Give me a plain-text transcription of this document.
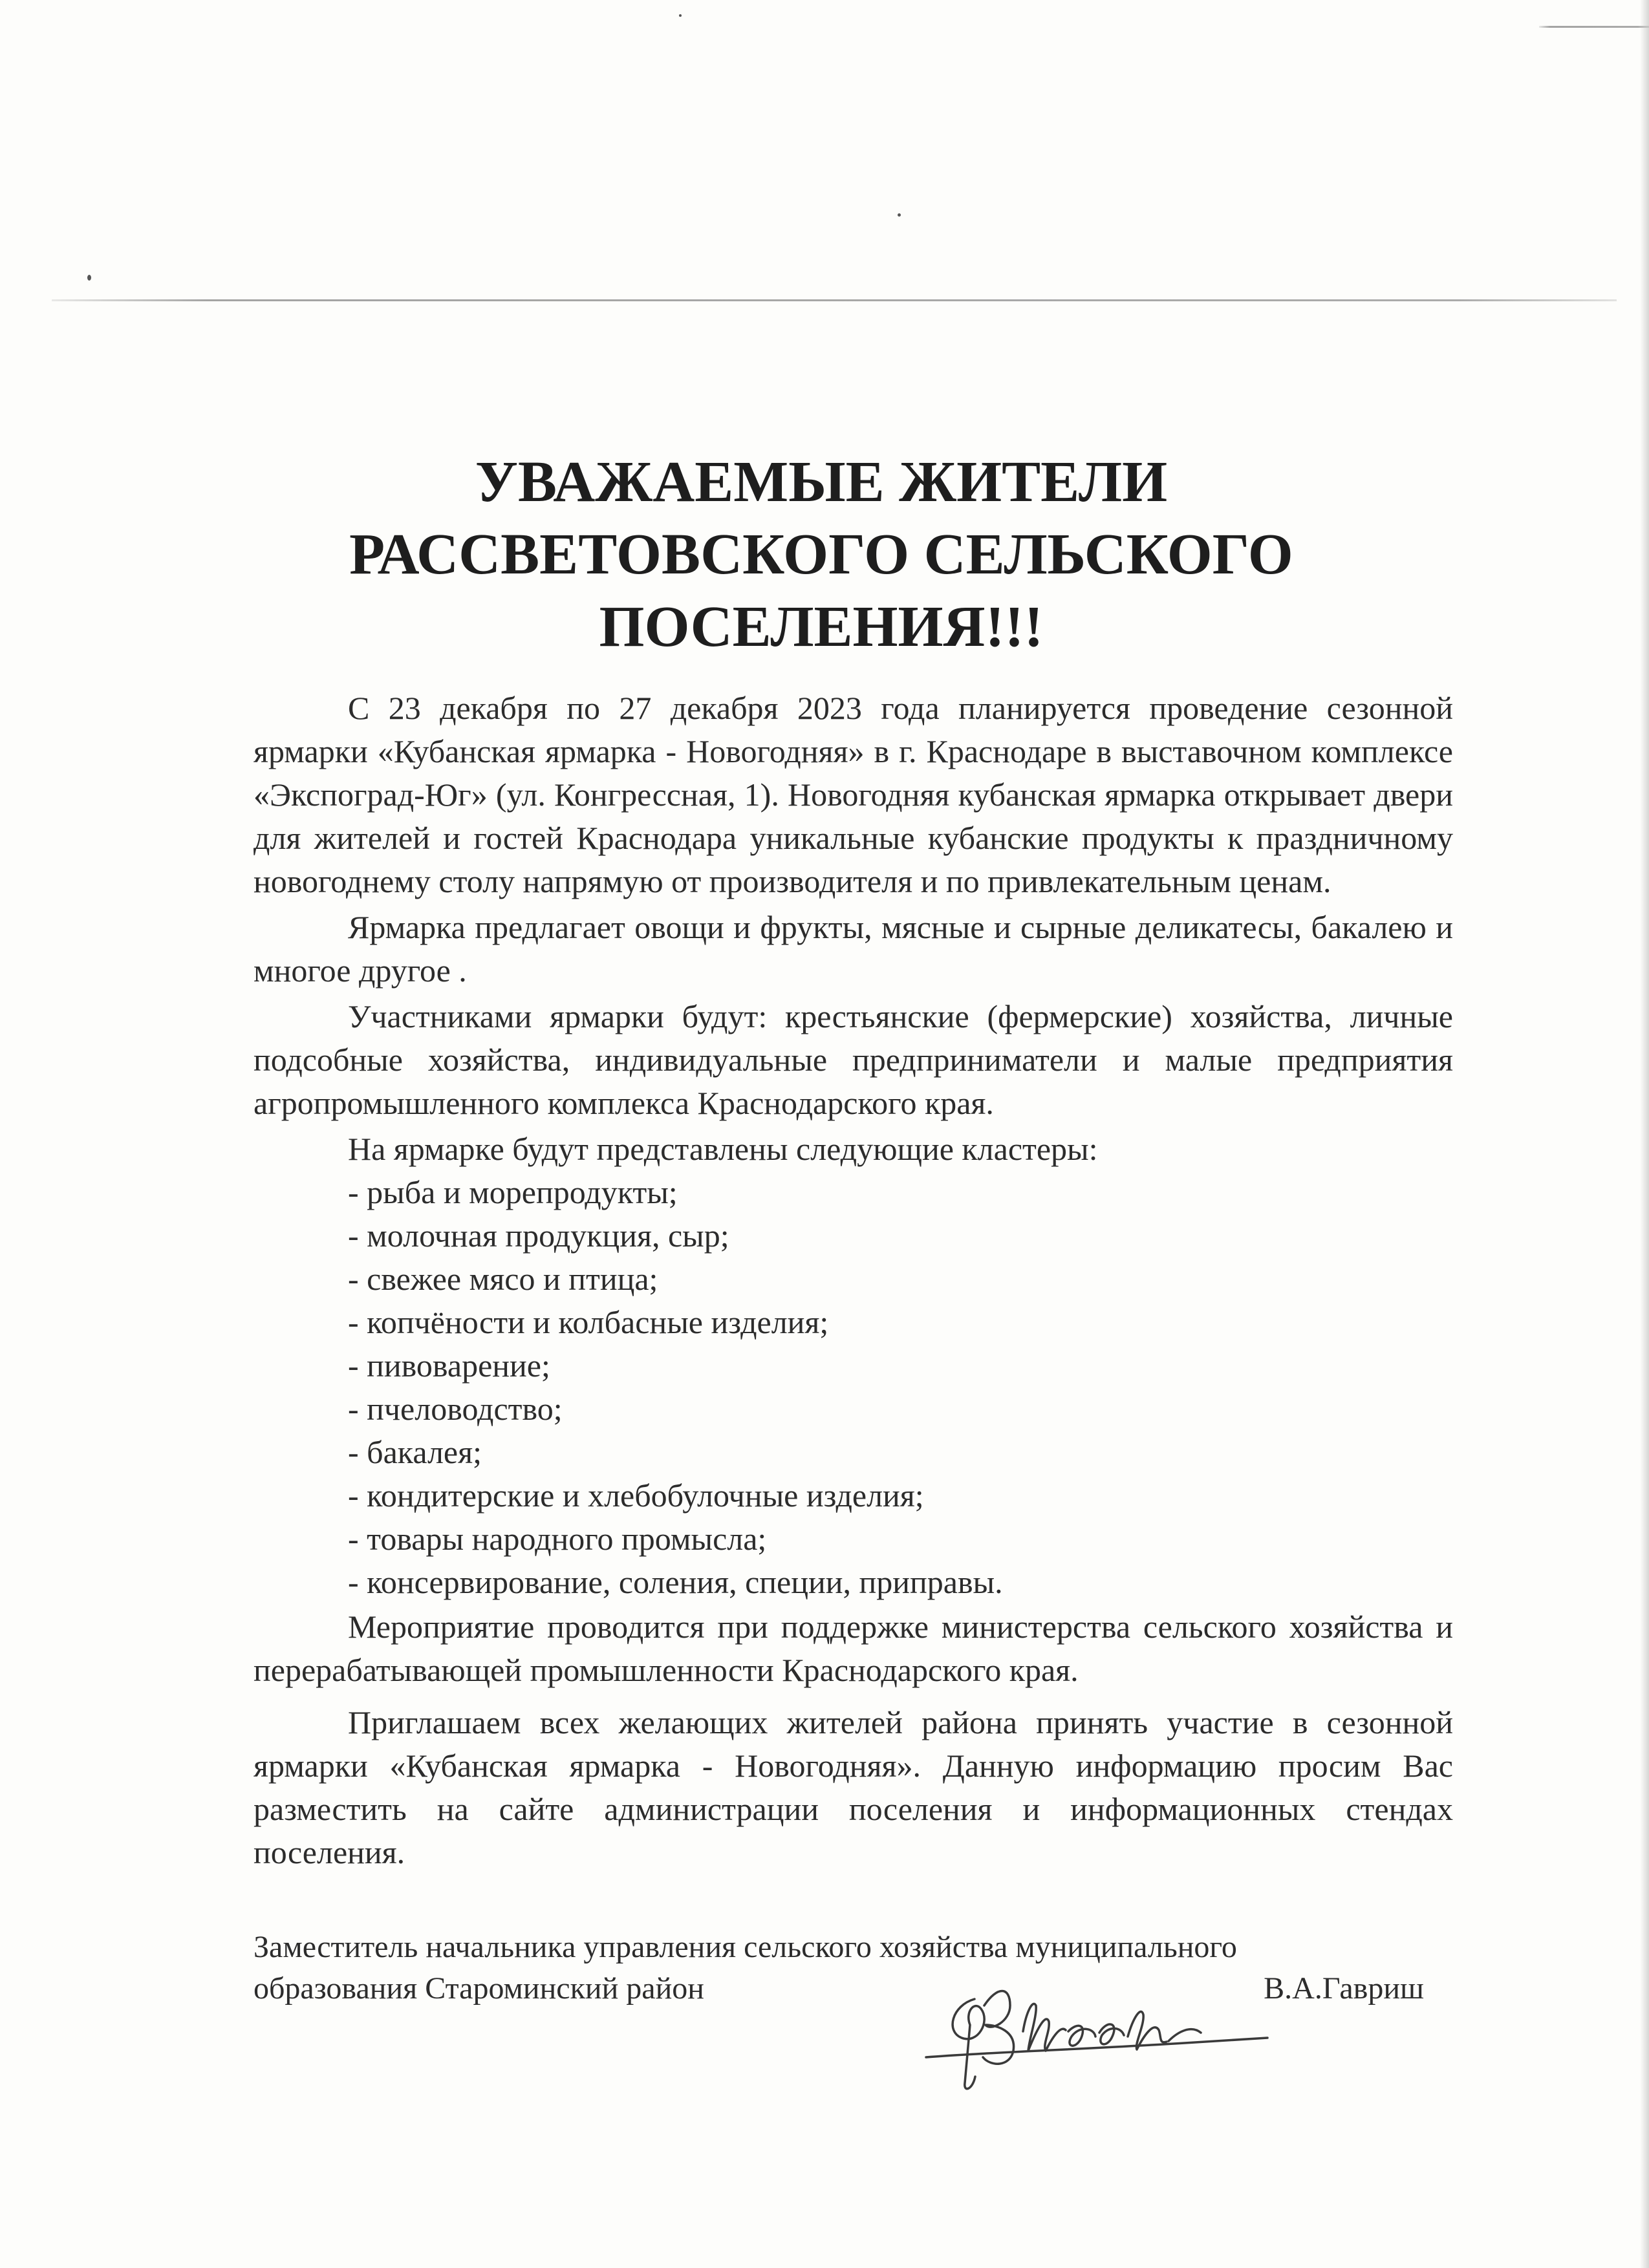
УВАЖАЕМЫЕ ЖИТЕЛИ
РАССВЕТОВСКОГО СЕЛЬСКОГО
ПОСЕЛЕНИЯ!!!

С 23 декабря по 27 декабря 2023 года планируется проведение сезонной ярмарки «Кубанская ярмарка - Новогодняя» в г. Краснодаре в выставочном комплексе «Экспоград-Юг» (ул. Конгрессная, 1). Новогодняя кубанская ярмарка открывает двери для жителей и гостей Краснодара уникальные кубанские продукты к праздничному новогоднему столу напрямую от производителя и по привлекательным ценам.

Ярмарка предлагает овощи и фрукты, мясные и сырные деликатесы, бакалею и многое другое .

Участниками ярмарки будут: крестьянские (фермерские) хозяйства, личные подсобные хозяйства, индивидуальные предприниматели и малые предприятия агропромышленного комплекса Краснодарского края.

На ярмарке будут представлены следующие кластеры:

- рыба и морепродукты;
- молочная продукция, сыр;
- свежее мясо и птица;
- копчёности и колбасные изделия;
- пивоварение;
- пчеловодство;
- бакалея;
- кондитерские и хлебобулочные изделия;
- товары народного промысла;
- консервирование, соления, специи, приправы.

Мероприятие проводится при поддержке министерства сельского хозяйства и перерабатывающей промышленности Краснодарского края.

Приглашаем всех желающих жителей района принять участие в сезонной ярмарки «Кубанская ярмарка - Новогодняя». Данную информацию просим Вас разместить на сайте администрации поселения и информационных стендах поселения.

Заместитель начальника управления сельского хозяйства муниципального
образования Староминский район	В.А.Гавриш
